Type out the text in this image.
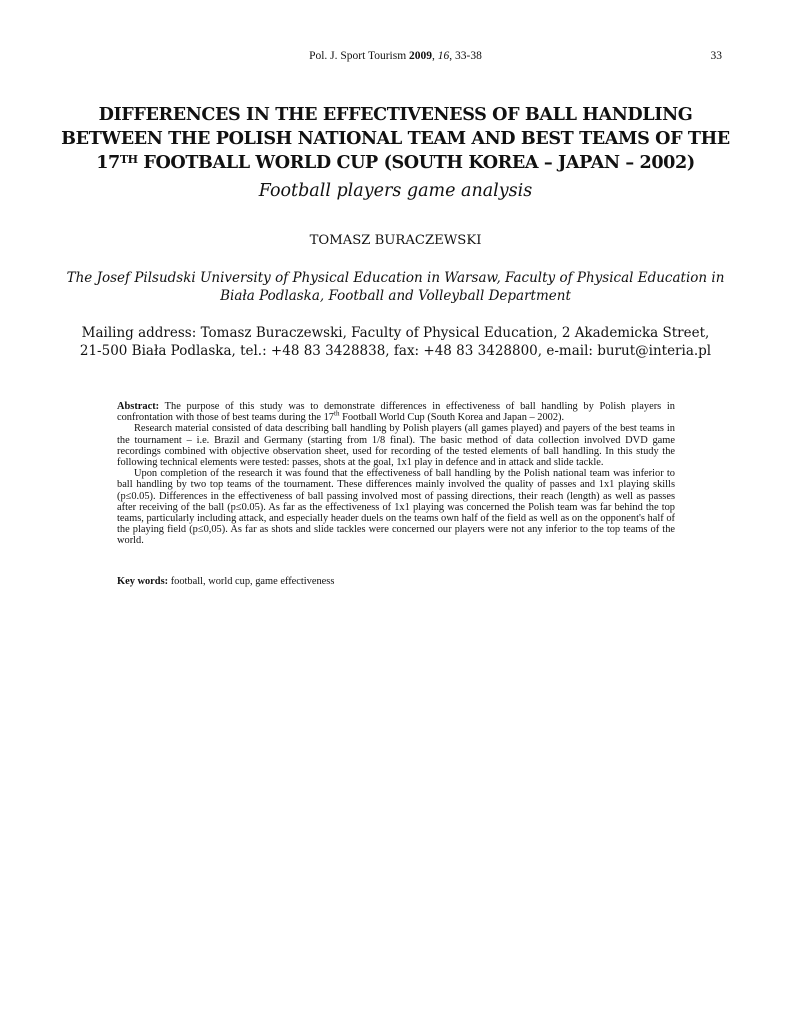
Pol. J. Sport Tourism 2009, 16, 33-38	33
DIFFERENCES IN THE EFFECTIVENESS OF BALL HANDLING
BETWEEN THE POLISH NATIONAL TEAM AND BEST TEAMS OF THE
17TH FOOTBALL WORLD CUP (SOUTH KOREA – JAPAN – 2002)
Football players game analysis
TOMASZ BURACZEWSKI
The Josef Pilsudski University of Physical Education in Warsaw, Faculty of Physical Education in
Biała Podlaska, Football and Volleyball Department
Mailing address: Tomasz Buraczewski, Faculty of Physical Education, 2 Akademicka Street,
21-500 Biała Podlaska, tel.: +48 83 3428838, fax: +48 83 3428800, e-mail: burut@interia.pl

Abstract: The purpose of this study was to demonstrate differences in effectiveness of ball handling by Polish players in confrontation with those of best teams during the 17th Football World Cup (South Korea and Japan – 2002).

Research material consisted of data describing ball handling by Polish players (all games played) and payers of the best teams in the tournament – i.e. Brazil and Germany (starting from 1/8 final). The basic method of data collection involved DVD game recordings combined with objective observation sheet, used for recording of the tested elements of ball handling. In this study the following technical elements were tested: passes, shots at the goal, 1x1 play in defence and in attack and slide tackle.

Upon completion of the research it was found that the effectiveness of ball handling by the Polish national team was inferior to ball handling by two top teams of the tournament. These differences mainly involved the quality of passes and 1x1 playing skills (p≤0.05). Differences in the effectiveness of ball passing involved most of passing directions, their reach (length) as well as passes after receiving of the ball (p≤0.05). As far as the effectiveness of 1x1 playing was concerned the Polish team was far behind the top teams, particularly including attack, and especially header duels on the teams own half of the field as well as on the opponent's half of the playing field (p≤0,05). As far as shots and slide tackles were concerned our players were not any inferior to the top teams of the world.

Key words: football, world cup, game effectiveness
